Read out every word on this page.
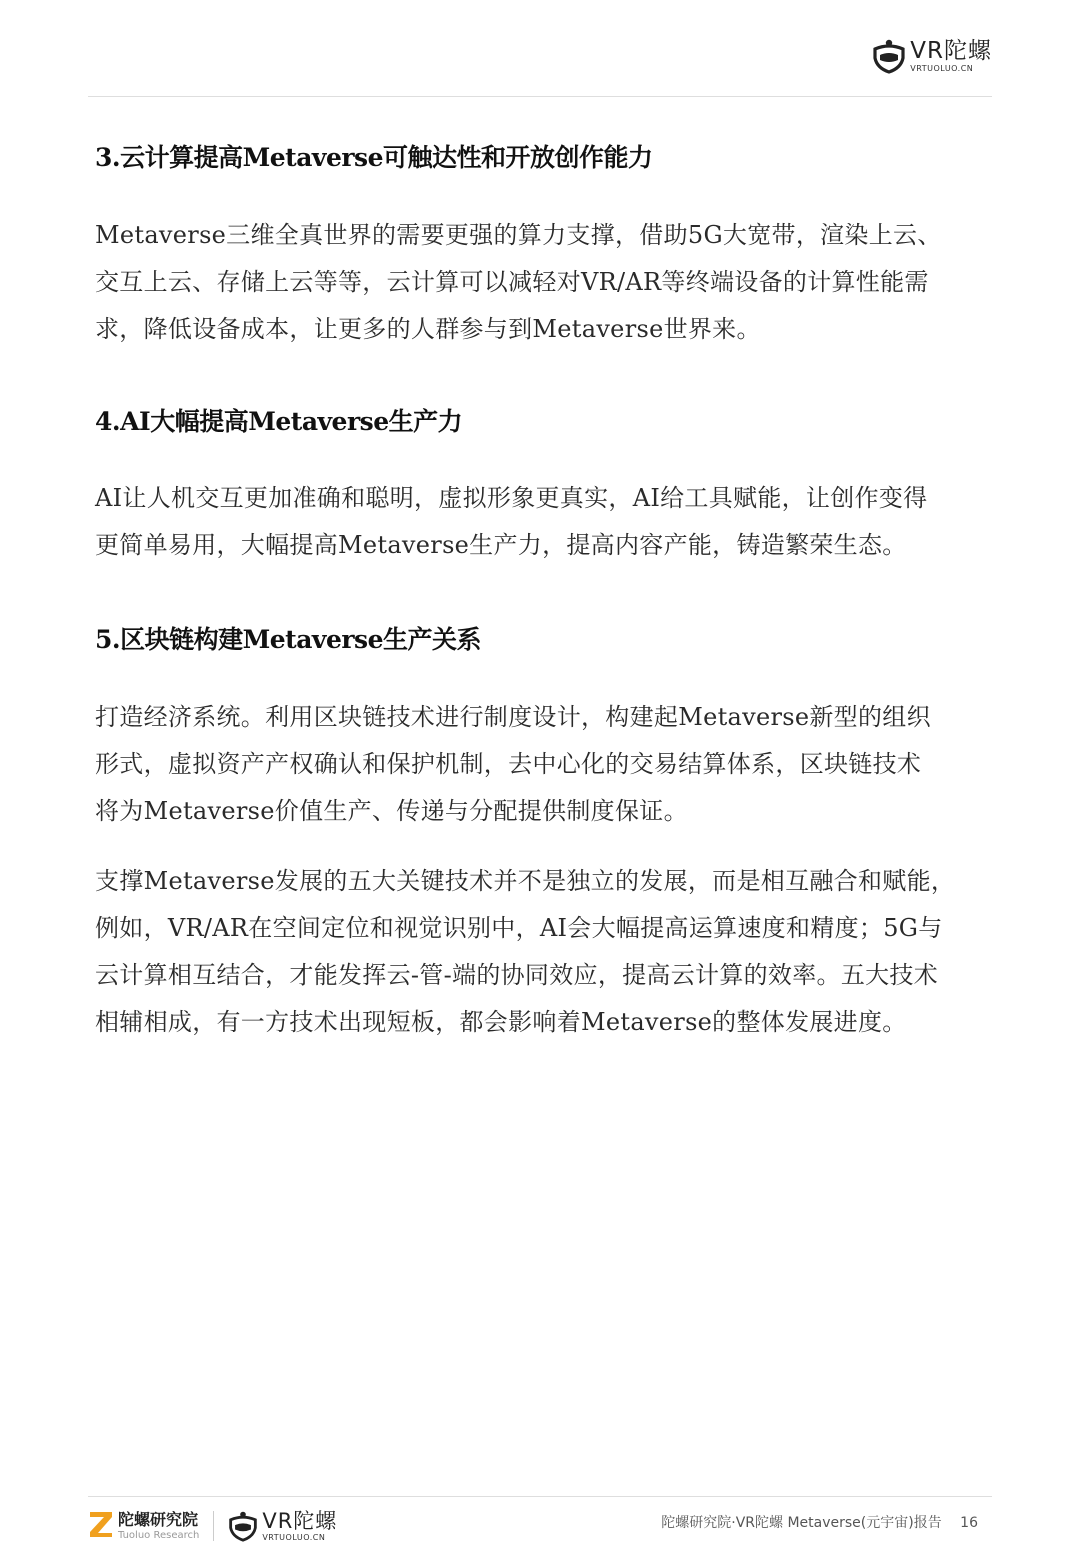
VR陀螺
VRTUOLUO.CN
3.云计算提高Metaverse可触达性和开放创作能力

Metaverse三维全真世界的需要更强的算力支撑，借助5G大宽带，渲染上云、
交互上云、存储上云等等，云计算可以减轻对VR/AR等终端设备的计算性能需
求，降低设备成本，让更多的人群参与到Metaverse世界来。

4.AI大幅提高Metaverse生产力

AI让人机交互更加准确和聪明，虚拟形象更真实，AI给工具赋能，让创作变得
更简单易用，大幅提高Metaverse生产力，提高内容产能，铸造繁荣生态。

5.区块链构建Metaverse生产关系

打造经济系统。利用区块链技术进行制度设计，构建起Metaverse新型的组织
形式，虚拟资产产权确认和保护机制，去中心化的交易结算体系，区块链技术
将为Metaverse价值生产、传递与分配提供制度保证。

支撑Metaverse发展的五大关键技术并不是独立的发展，而是相互融合和赋能，
例如，VR/AR在空间定位和视觉识别中，AI会大幅提高运算速度和精度；5G与
云计算相互结合，才能发挥云-管-端的协同效应，提高云计算的效率。五大技术
相辅相成，有一方技术出现短板，都会影响着Metaverse的整体发展进度。

陀螺研究院
Tuoluo Research
VR陀螺
VRTUOLUO.CN
陀螺研究院·VR陀螺 Metaverse(元宇宙)报告 16
